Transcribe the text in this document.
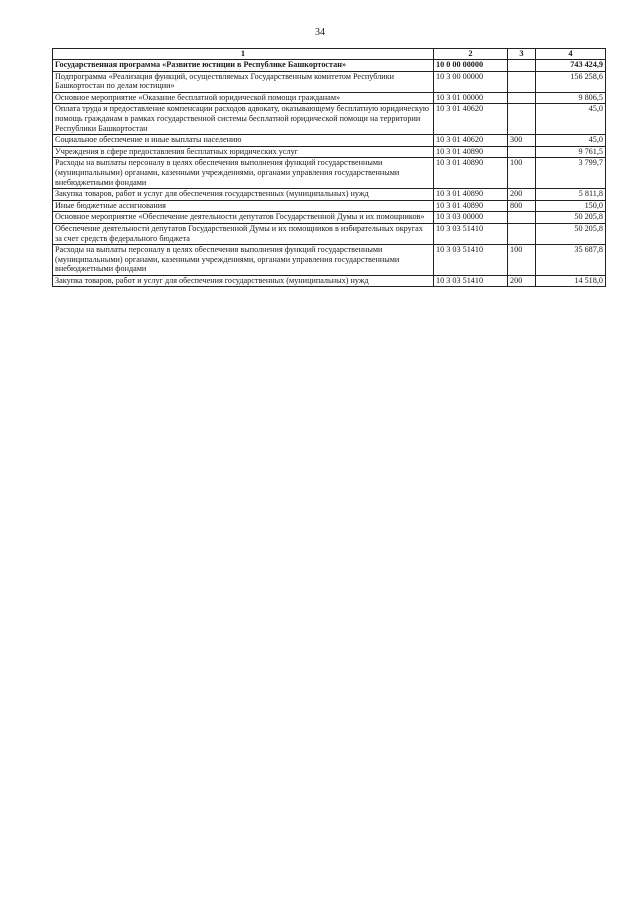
34
1	2	3	4
Государственная программа «Развитие юстиции в Республике Башкортостан»	10 0 00 00000		743 424,9
Подпрограмма «Реализация функций, осуществляемых Государственным комитетом Республики Башкортостан по делам юстиции»	10 3 00 00000		156 258,6
Основное мероприятие «Оказание бесплатной юридической помощи гражданам»	10 3 01 00000		9 806,5
Оплата труда и предоставление компенсации расходов адвокату, оказывающему бесплатную юридическую помощь гражданам в рамках государственной системы бесплатной юридической помощи на территории Республики Башкортостан	10 3 01 40620		45,0
Социальное обеспечение и иные выплаты населению	10 3 01 40620	300	45,0
Учреждения в сфере предоставления бесплатных юридических услуг	10 3 01 40890		9 761,5
Расходы на выплаты персоналу в целях обеспечения выполнения функций государственными (муниципальными) органами, казенными учреждениями, органами управления государственными внебюджетными фондами	10 3 01 40890	100	3 799,7
Закупка товаров, работ и услуг для обеспечения государственных (муниципальных) нужд	10 3 01 40890	200	5 811,8
Иные бюджетные ассигнования	10 3 01 40890	800	150,0
Основное мероприятие «Обеспечение деятельности депутатов Государственной Думы и их помощников»	10 3 03 00000		50 205,8
Обеспечение деятельности депутатов Государственной Думы и их помощников в избирательных округах за счет средств федерального бюджета	10 3 03 51410		50 205,8
Расходы на выплаты персоналу в целях обеспечения выполнения функций государственными (муниципальными) органами, казенными учреждениями, органами управления государственными внебюджетными фондами	10 3 03 51410	100	35 687,8
Закупка товаров, работ и услуг для обеспечения государственных (муниципальных) нужд	10 3 03 51410	200	14 518,0
